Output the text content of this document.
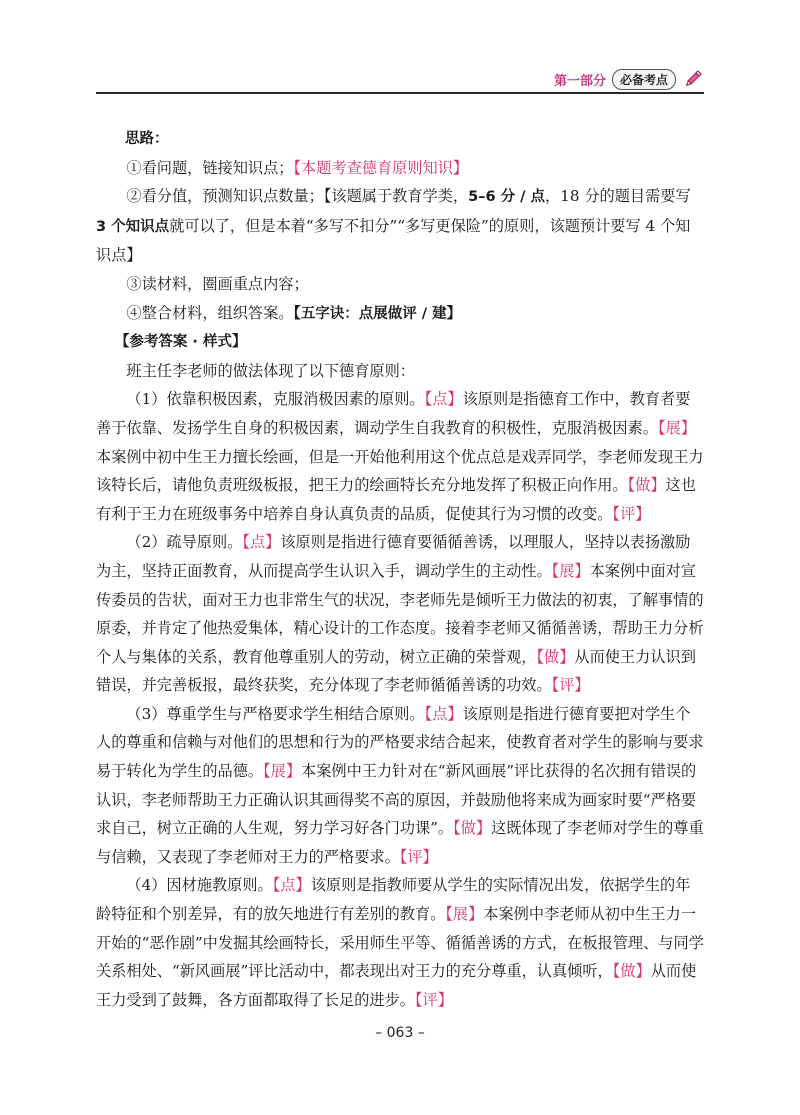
第一部分	必备考点

思路：

①看问题，链接知识点；【本题考查德育原则知识】

②看分值，预测知识点数量；【该题属于教育学类，5–6 分 / 点，18 分的题目需要写 3 个知识点就可以了，但是本着“多写不扣分”“多写更保险”的原则，该题预计要写 4 个知识点】

③读材料，圈画重点内容；

④整合材料，组织答案。【五字诀：点展做评 / 建】

【参考答案 · 样式】

班主任李老师的做法体现了以下德育原则：

（1）依靠积极因素，克服消极因素的原则。【点】该原则是指德育工作中，教育者要善于依靠、发扬学生自身的积极因素，调动学生自我教育的积极性，克服消极因素。【展】本案例中初中生王力擅长绘画，但是一开始他利用这个优点总是戏弄同学，李老师发现王力该特长后，请他负责班级板报，把王力的绘画特长充分地发挥了积极正向作用。【做】这也有利于王力在班级事务中培养自身认真负责的品质，促使其行为习惯的改变。【评】

（2）疏导原则。【点】该原则是指进行德育要循循善诱，以理服人，坚持以表扬激励为主，坚持正面教育，从而提高学生认识入手，调动学生的主动性。【展】本案例中面对宣传委员的告状，面对王力也非常生气的状况，李老师先是倾听王力做法的初衷，了解事情的原委，并肯定了他热爱集体，精心设计的工作态度。接着李老师又循循善诱，帮助王力分析个人与集体的关系，教育他尊重别人的劳动，树立正确的荣誉观，【做】从而使王力认识到错误，并完善板报，最终获奖，充分体现了李老师循循善诱的功效。【评】

（3）尊重学生与严格要求学生相结合原则。【点】该原则是指进行德育要把对学生个人的尊重和信赖与对他们的思想和行为的严格要求结合起来，使教育者对学生的影响与要求易于转化为学生的品德。【展】本案例中王力针对在“新风画展”评比获得的名次拥有错误的认识，李老师帮助王力正确认识其画得奖不高的原因，并鼓励他将来成为画家时要“严格要求自己，树立正确的人生观，努力学习好各门功课”。【做】这既体现了李老师对学生的尊重与信赖，又表现了李老师对王力的严格要求。【评】

（4）因材施教原则。【点】该原则是指教师要从学生的实际情况出发，依据学生的年龄特征和个别差异，有的放矢地进行有差别的教育。【展】本案例中李老师从初中生王力一开始的“恶作剧”中发掘其绘画特长，采用师生平等、循循善诱的方式，在板报管理、与同学关系相处、“新风画展”评比活动中，都表现出对王力的充分尊重，认真倾听，【做】从而使王力受到了鼓舞，各方面都取得了长足的进步。【评】

– 063 –
